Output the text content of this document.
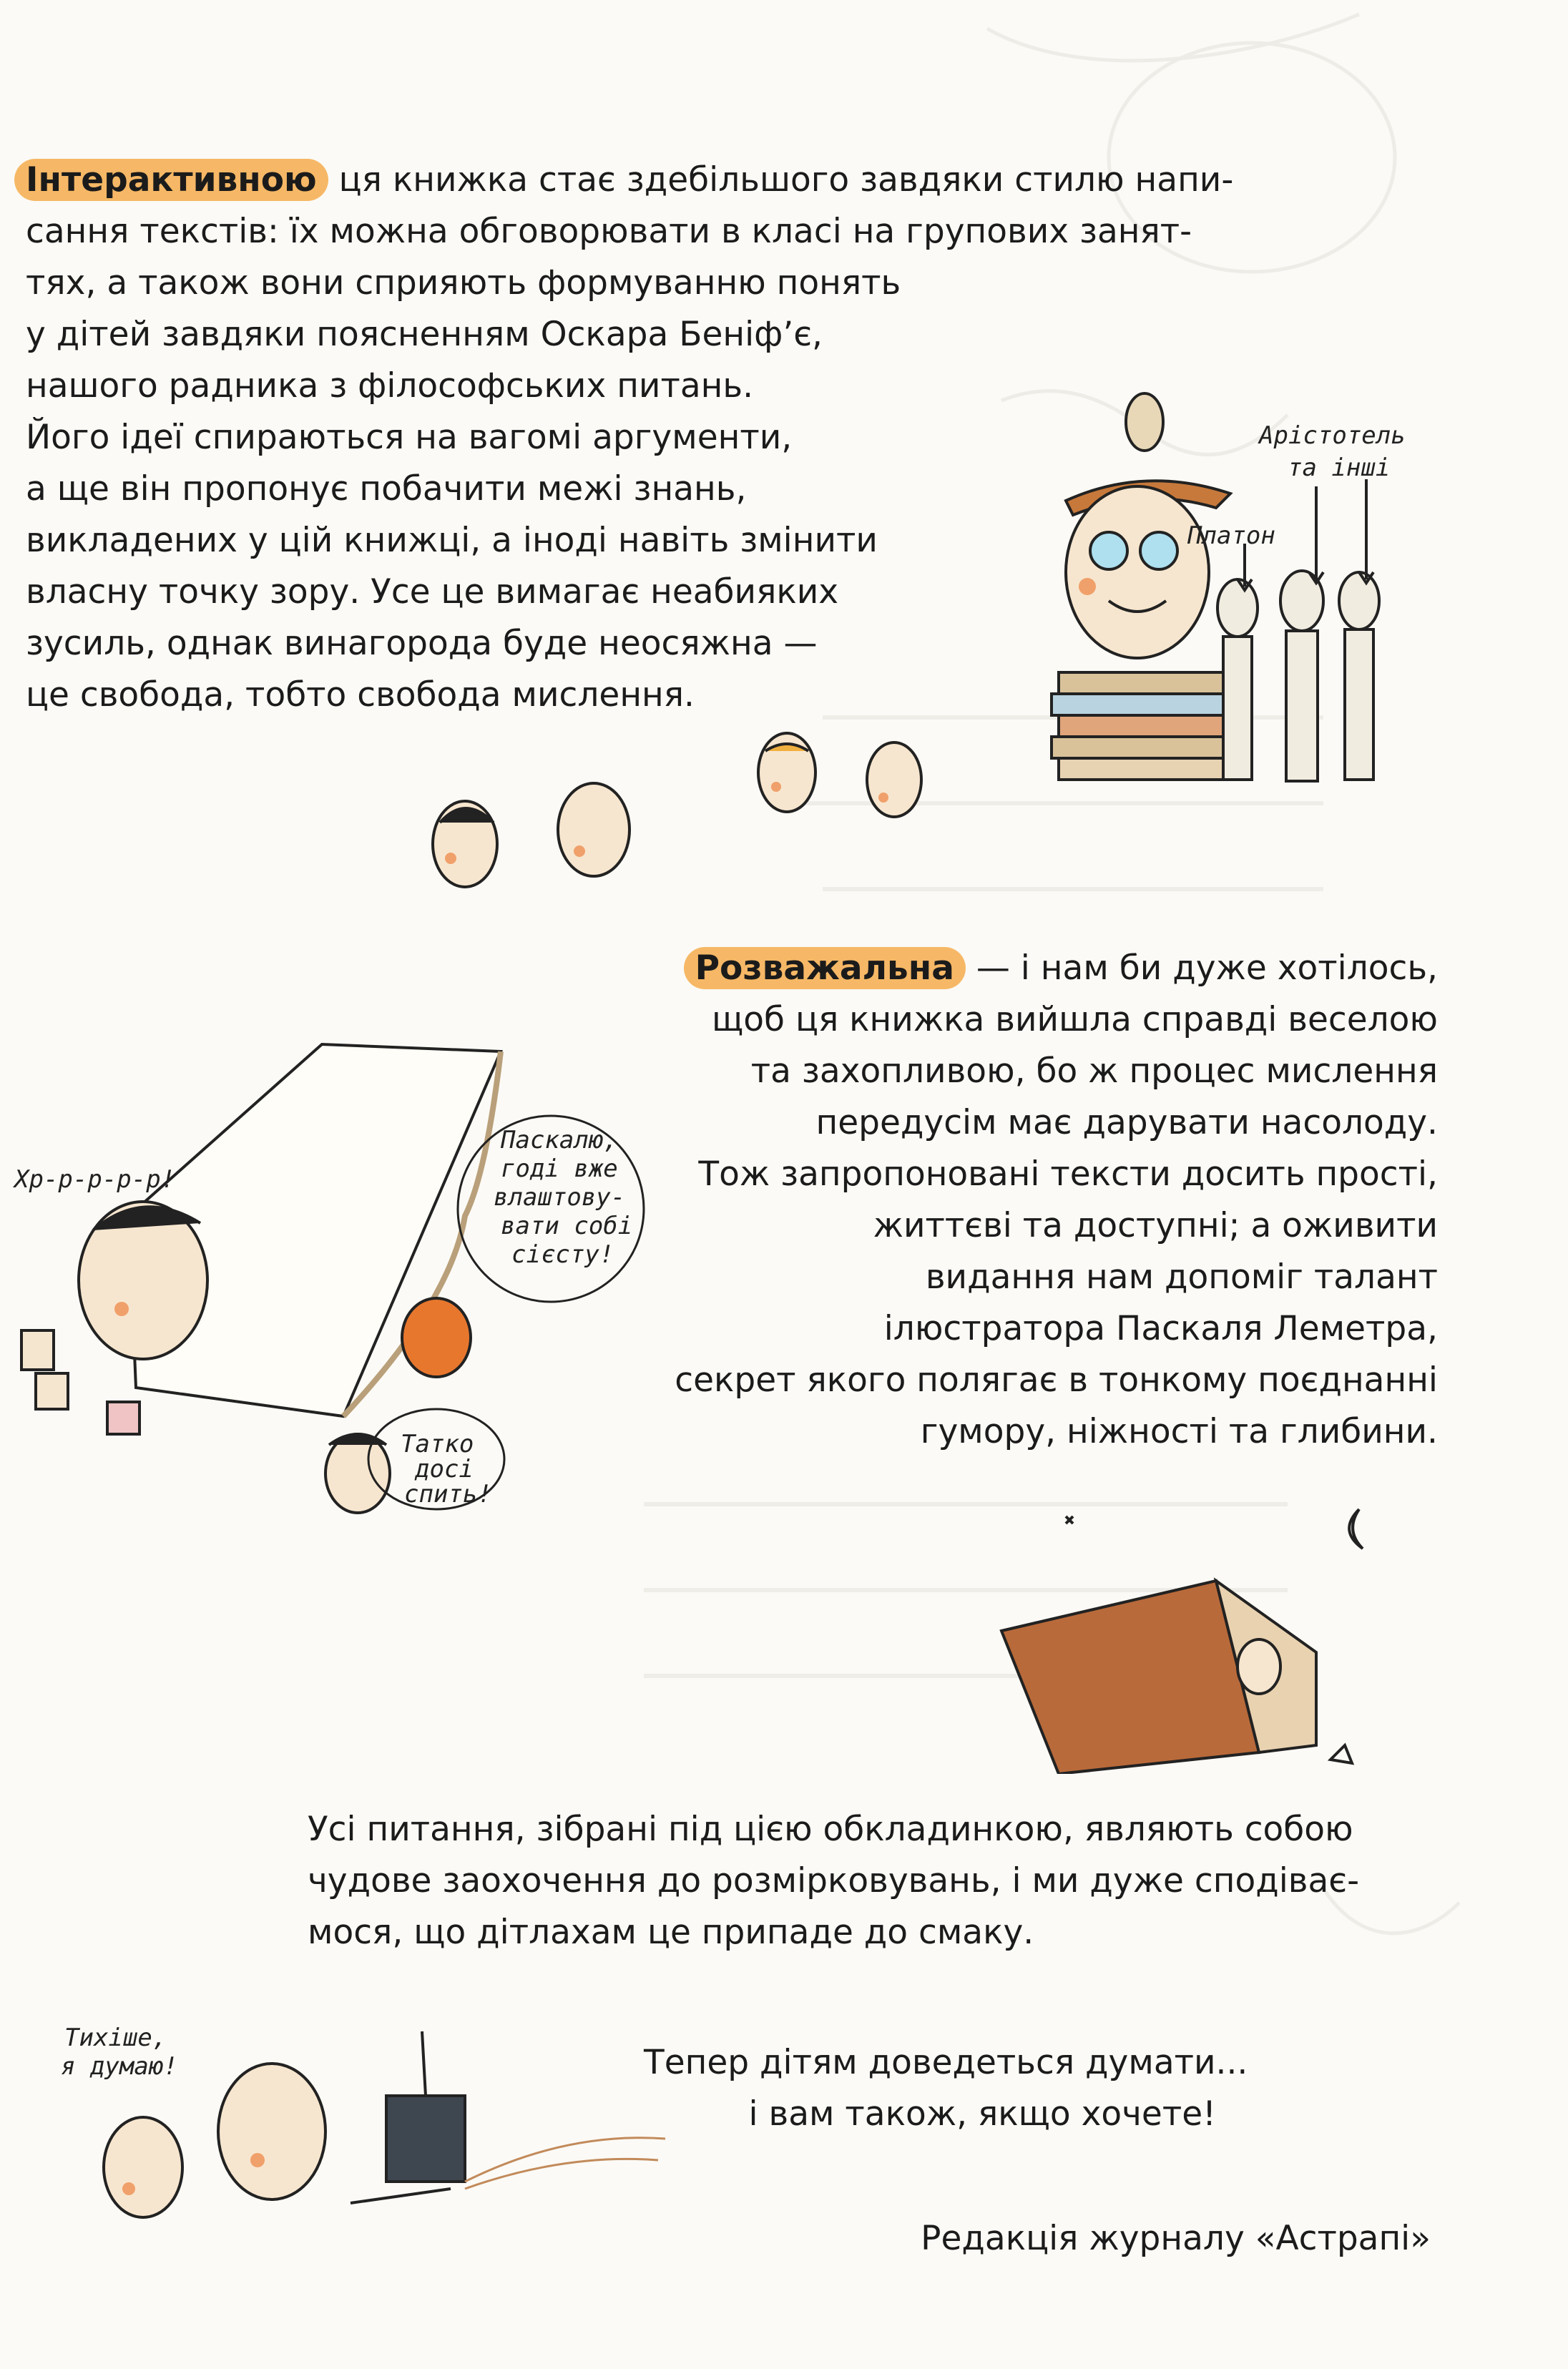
Інтерактивною ця книжка стає здебільшого завдяки стилю напи-
сання текстів: їх можна обговорювати в класі на групових занят-
тях, а також вони сприяють формуванню понять
у дітей завдяки поясненням Оскара Беніф’є,
нашого радника з філософських питань.
Його ідеї спираються на вагомі аргументи,
а ще він пропонує побачити межі знань,
викладених у цій книжці, а іноді навіть змінити
власну точку зору. Усе це вимагає неабияких
зусиль, однак винагорода буде неосяжна —
це свобода, тобто свобода мислення.
Арістотель
та інші
Платон
Розважальна — і нам би дуже хотілось,
щоб ця книжка вийшла справді веселою
та захопливою, бо ж процес мислення
передусім має дарувати насолоду.
Тож запропоновані тексти досить прості,
життєві та доступні; а оживити
видання нам допоміг талант
ілюстратора Паскаля Леметра,
секрет якого полягає в тонкому поєднанні
гумору, ніжності та глибини.
Хр-р-р-р-р!
Паскалю,
годі вже
влаштову-
вати собі
сієсту!
Татко
досі
спить!
Усі питання, зібрані під цією обкладинкою, являють собою
чудове заохочення до розмірковувань, і ми дуже сподіває-
мося, що дітлахам це припаде до смаку.
Тихіше,
я думаю!	Тепер дітям доведеться думати...
і вам також, якщо хочете!
Редакція журналу «Астрапі»
